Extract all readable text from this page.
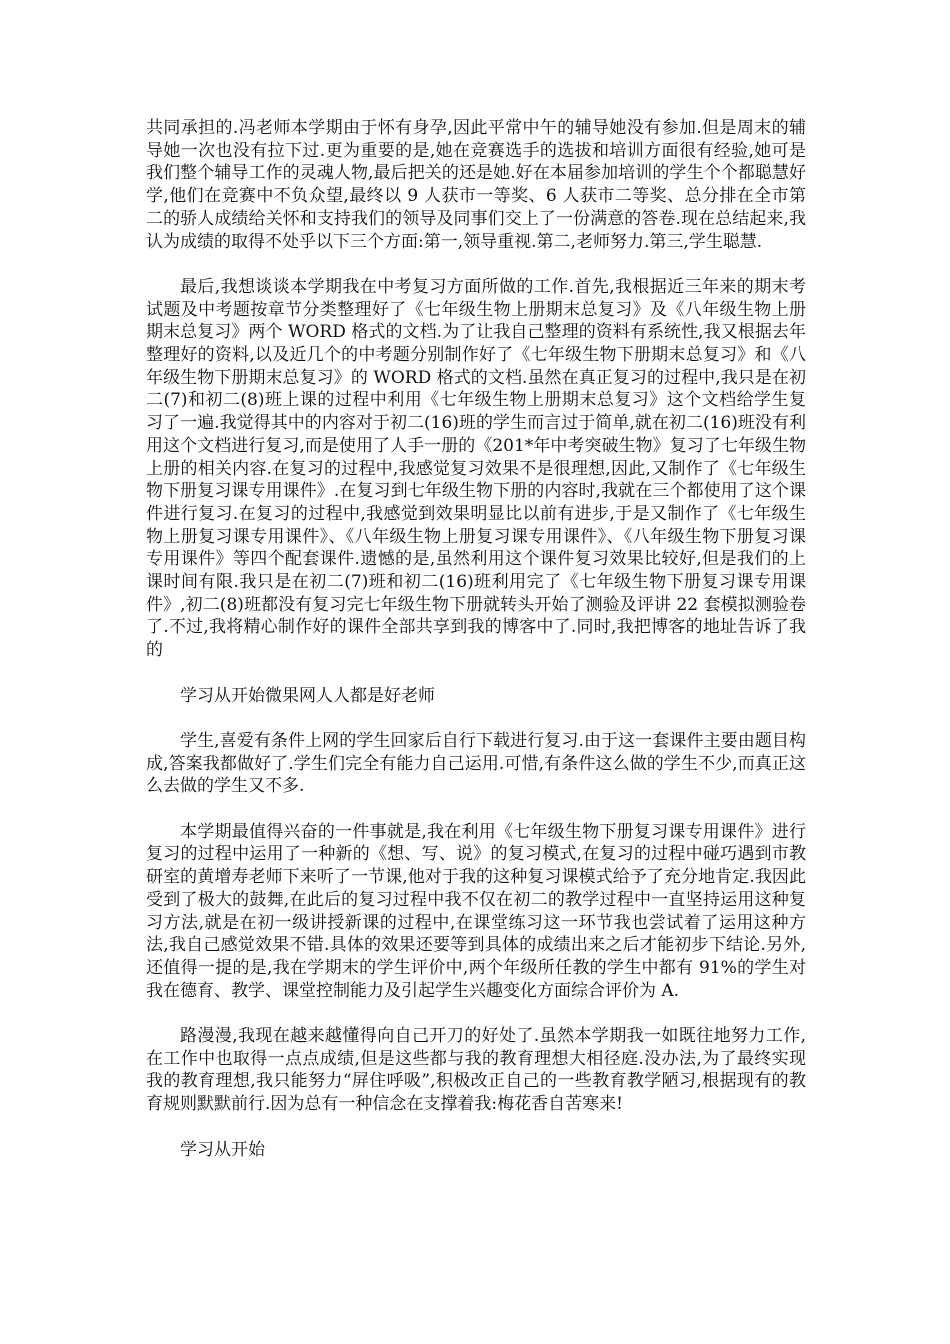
共同承担的.冯老师本学期由于怀有身孕,因此平常中午的辅导她没有参加.但是周末的辅导她一次也没有拉下过.更为重要的是,她在竞赛选手的选拔和培训方面很有经验,她可是我们整个辅导工作的灵魂人物,最后把关的还是她.好在本届参加培训的学生个个都聪慧好学,他们在竞赛中不负众望,最终以 9 人获市一等奖、6 人获市二等奖、总分排在全市第二的骄人成绩给关怀和支持我们的领导及同事们交上了一份满意的答卷.现在总结起来,我认为成绩的取得不处乎以下三个方面:第一,领导重视.第二,老师努力.第三,学生聪慧.

最后,我想谈谈本学期我在中考复习方面所做的工作.首先,我根据近三年来的期末考试题及中考题按章节分类整理好了《七年级生物上册期末总复习》及《八年级生物上册期末总复习》两个 WORD 格式的文档.为了让我自己整理的资料有系统性,我又根据去年整理好的资料,以及近几个的中考题分别制作好了《七年级生物下册期末总复习》和《八年级生物下册期末总复习》的 WORD 格式的文档.虽然在真正复习的过程中,我只是在初二(7)和初二(8)班上课的过程中利用《七年级生物上册期末总复习》这个文档给学生复习了一遍.我觉得其中的内容对于初二(16)班的学生而言过于简单,就在初二(16)班没有利用这个文档进行复习,而是使用了人手一册的《201*年中考突破生物》复习了七年级生物上册的相关内容.在复习的过程中,我感觉复习效果不是很理想,因此,又制作了《七年级生物下册复习课专用课件》.在复习到七年级生物下册的内容时,我就在三个都使用了这个课件进行复习.在复习的过程中,我感觉到效果明显比以前有进步,于是又制作了《七年级生物上册复习课专用课件》、《八年级生物上册复习课专用课件》、《八年级生物下册复习课专用课件》等四个配套课件.遗憾的是,虽然利用这个课件复习效果比较好,但是我们的上课时间有限.我只是在初二(7)班和初二(16)班利用完了《七年级生物下册复习课专用课件》,初二(8)班都没有复习完七年级生物下册就转头开始了测验及评讲 22 套模拟测验卷了.不过,我将精心制作好的课件全部共享到我的博客中了.同时,我把博客的地址告诉了我的

学习从开始微果网人人都是好老师

学生,喜爱有条件上网的学生回家后自行下载进行复习.由于这一套课件主要由题目构成,答案我都做好了.学生们完全有能力自己运用.可惜,有条件这么做的学生不少,而真正这么去做的学生又不多.

本学期最值得兴奋的一件事就是,我在利用《七年级生物下册复习课专用课件》进行复习的过程中运用了一种新的《想、写、说》的复习模式,在复习的过程中碰巧遇到市教研室的黄增寿老师下来听了一节课,他对于我的这种复习课模式给予了充分地肯定.我因此受到了极大的鼓舞,在此后的复习过程中我不仅在初二的教学过程中一直坚持运用这种复习方法,就是在初一级讲授新课的过程中,在课堂练习这一环节我也尝试着了运用这种方法,我自己感觉效果不错.具体的效果还要等到具体的成绩出来之后才能初步下结论.另外,还值得一提的是,我在学期末的学生评价中,两个年级所任教的学生中都有 91%的学生对我在德育、教学、课堂控制能力及引起学生兴趣变化方面综合评价为 A.

路漫漫,我现在越来越懂得向自己开刀的好处了.虽然本学期我一如既往地努力工作,在工作中也取得一点点成绩,但是这些都与我的教育理想大相径庭.没办法,为了最终实现我的教育理想,我只能努力“屏住呼吸”,积极改正自己的一些教育教学陋习,根据现有的教育规则默默前行.因为总有一种信念在支撑着我:梅花香自苦寒来!

学习从开始
